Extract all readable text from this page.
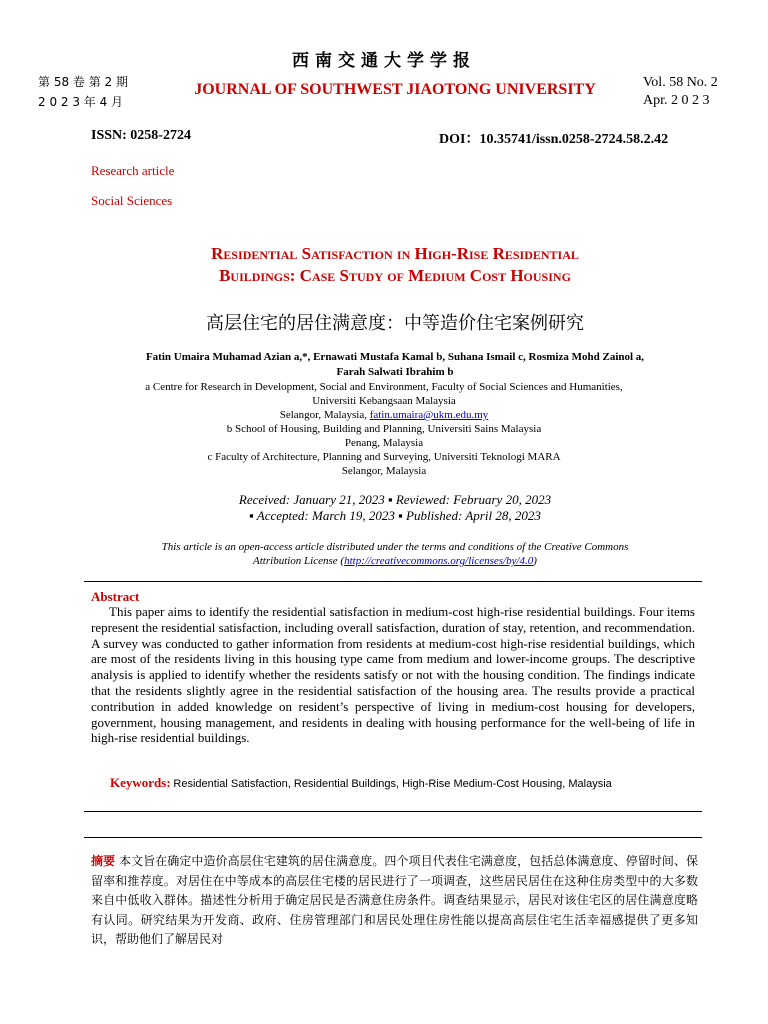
西南交通大学学报
第 58 卷 第 2 期
2 0 2 3 年 4 月
JOURNAL OF SOUTHWEST JIAOTONG UNIVERSITY	Vol. 58 No. 2
Apr. 2 0 2 3
ISSN: 0258-2724	DOI：10.35741/issn.0258-2724.58.2.42
Research article
Social Sciences
Residential Satisfaction in High-Rise Residential
Buildings: Case Study of Medium Cost Housing
高层住宅的居住满意度：中等造价住宅案例研究
Fatin Umaira Muhamad Azian a,*, Ernawati Mustafa Kamal b, Suhana Ismail c, Rosmiza Mohd Zainol a,
Farah Salwati Ibrahim b
a Centre for Research in Development, Social and Environment, Faculty of Social Sciences and Humanities,
Universiti Kebangsaan Malaysia
Selangor, Malaysia, fatin.umaira@ukm.edu.my
b School of Housing, Building and Planning, Universiti Sains Malaysia
Penang, Malaysia
c Faculty of Architecture, Planning and Surveying, Universiti Teknologi MARA
Selangor, Malaysia
Received: January 21, 2023 ▪ Reviewed: February 20, 2023
▪ Accepted: March 19, 2023 ▪ Published: April 28, 2023
This article is an open-access article distributed under the terms and conditions of the Creative Commons
Attribution License (http://creativecommons.org/licenses/by/4.0)
Abstract
This paper aims to identify the residential satisfaction in medium-cost high-rise residential buildings. Four items represent the residential satisfaction, including overall satisfaction, duration of stay, retention, and recommendation. A survey was conducted to gather information from residents at medium-cost high-rise residential buildings, which are most of the residents living in this housing type came from medium and lower-income groups. The descriptive analysis is applied to identify whether the residents satisfy or not with the housing condition. The findings indicate that the residents slightly agree in the residential satisfaction of the housing area. The results provide a practical contribution in added knowledge on resident’s perspective of living in medium-cost housing for developers, government, housing management, and residents in dealing with housing performance for the well-being of life in high-rise residential buildings.
Keywords: Residential Satisfaction, Residential Buildings, High-Rise Medium-Cost Housing, Malaysia
摘要 本文旨在确定中造价高层住宅建筑的居住满意度。四个项目代表住宅满意度，包括总体满意度、停留时间、保留率和推荐度。对居住在中等成本的高层住宅楼的居民进行了一项调查，这些居民居住在这种住房类型中的大多数来自中低收入群体。描述性分析用于确定居民是否满意住房条件。调查结果显示，居民对该住宅区的居住满意度略有认同。研究结果为开发商、政府、住房管理部门和居民处理住房性能以提高高层住宅生活幸福感提供了更多知识，帮助他们了解居民对
